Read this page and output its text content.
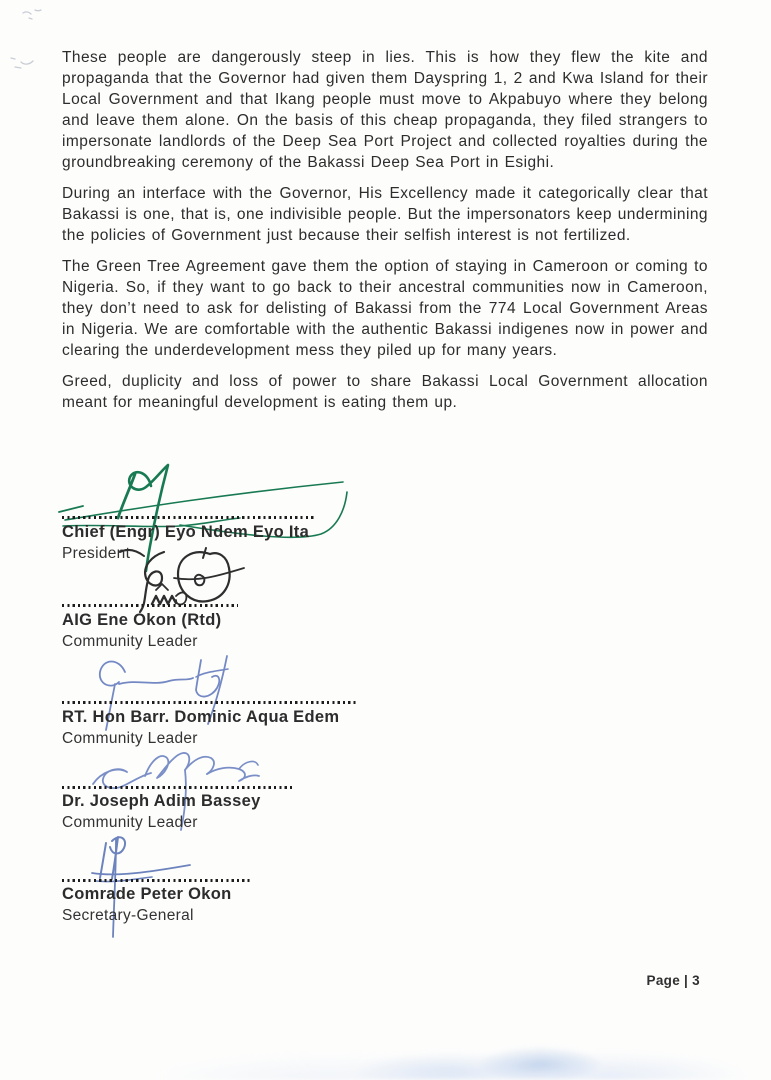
These people are dangerously steep in lies. This is how they flew the kite and propaganda that the Governor had given them Dayspring 1, 2 and Kwa Island for their Local Government and that Ikang people must move to Akpabuyo where they belong and leave them alone. On the basis of this cheap propaganda, they filed strangers to impersonate landlords of the Deep Sea Port Project and collected royalties during the groundbreaking ceremony of the Bakassi Deep Sea Port in Esighi.

During an interface with the Governor, His Excellency made it categorically clear that Bakassi is one, that is, one indivisible people. But the impersonators keep undermining the policies of Government just because their selfish interest is not fertilized.

The Green Tree Agreement gave them the option of staying in Cameroon or coming to Nigeria. So, if they want to go back to their ancestral communities now in Cameroon, they don’t need to ask for delisting of Bakassi from the 774 Local Government Areas in Nigeria. We are comfortable with the authentic Bakassi indigenes now in power and clearing the underdevelopment mess they piled up for many years.

Greed, duplicity and loss of power to share Bakassi Local Government allocation meant for meaningful development is eating them up.

Chief (Engr) Eyo Ndem Eyo Ita
President
AIG Ene Okon (Rtd)
Community Leader
RT. Hon Barr. Dominic Aqua Edem
Community Leader
Dr. Joseph Adim Bassey
Community Leader
Comrade Peter Okon
Secretary-General
Page | 3
